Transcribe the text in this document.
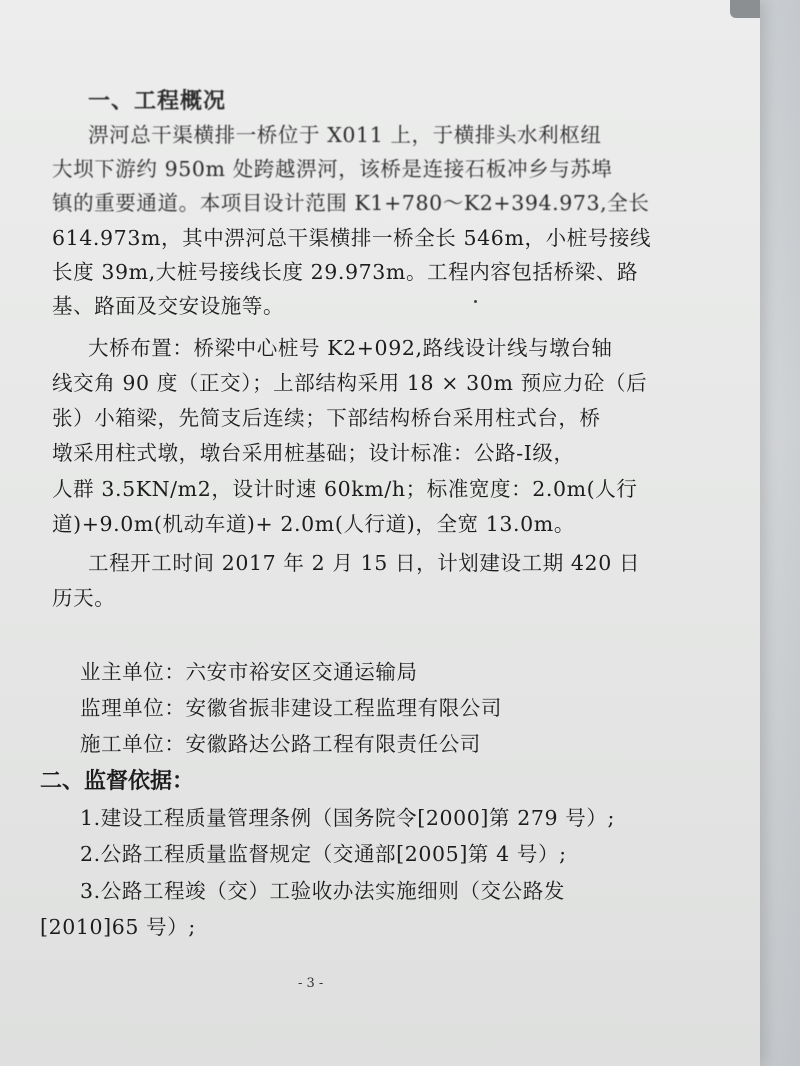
一、工程概况
淠河总干渠横排一桥位于 X011 上，于横排头水利枢纽
大坝下游约 950m 处跨越淠河，该桥是连接石板冲乡与苏埠
镇的重要通道。本项目设计范围 K1+780～K2+394.973,全长
614.973m，其中淠河总干渠横排一桥全长 546m，小桩号接线
长度 39m,大桩号接线长度 29.973m。工程内容包括桥梁、路
基、路面及交安设施等。
大桥布置：桥梁中心桩号 K2+092,路线设计线与墩台轴
线交角 90 度（正交）；上部结构采用 18 × 30m 预应力砼（后
张）小箱梁，先简支后连续；下部结构桥台采用柱式台，桥
墩采用柱式墩，墩台采用桩基础；设计标准：公路-Ⅰ级，
人群 3.5KN/m2，设计时速 60km/h；标准宽度：2.0m(人行
道)+9.0m(机动车道)+ 2.0m(人行道)，全宽 13.0m。
工程开工时间 2017 年 2 月 15 日，计划建设工期 420 日
历天。
业主单位：六安市裕安区交通运输局
监理单位：安徽省振非建设工程监理有限公司
施工单位：安徽路达公路工程有限责任公司
二、监督依据：
1.建设工程质量管理条例（国务院令[2000]第 279 号）;
2.公路工程质量监督规定（交通部[2005]第 4 号）;
3.公路工程竣（交）工验收办法实施细则（交公路发
[2010]65 号）;
- 3 -
